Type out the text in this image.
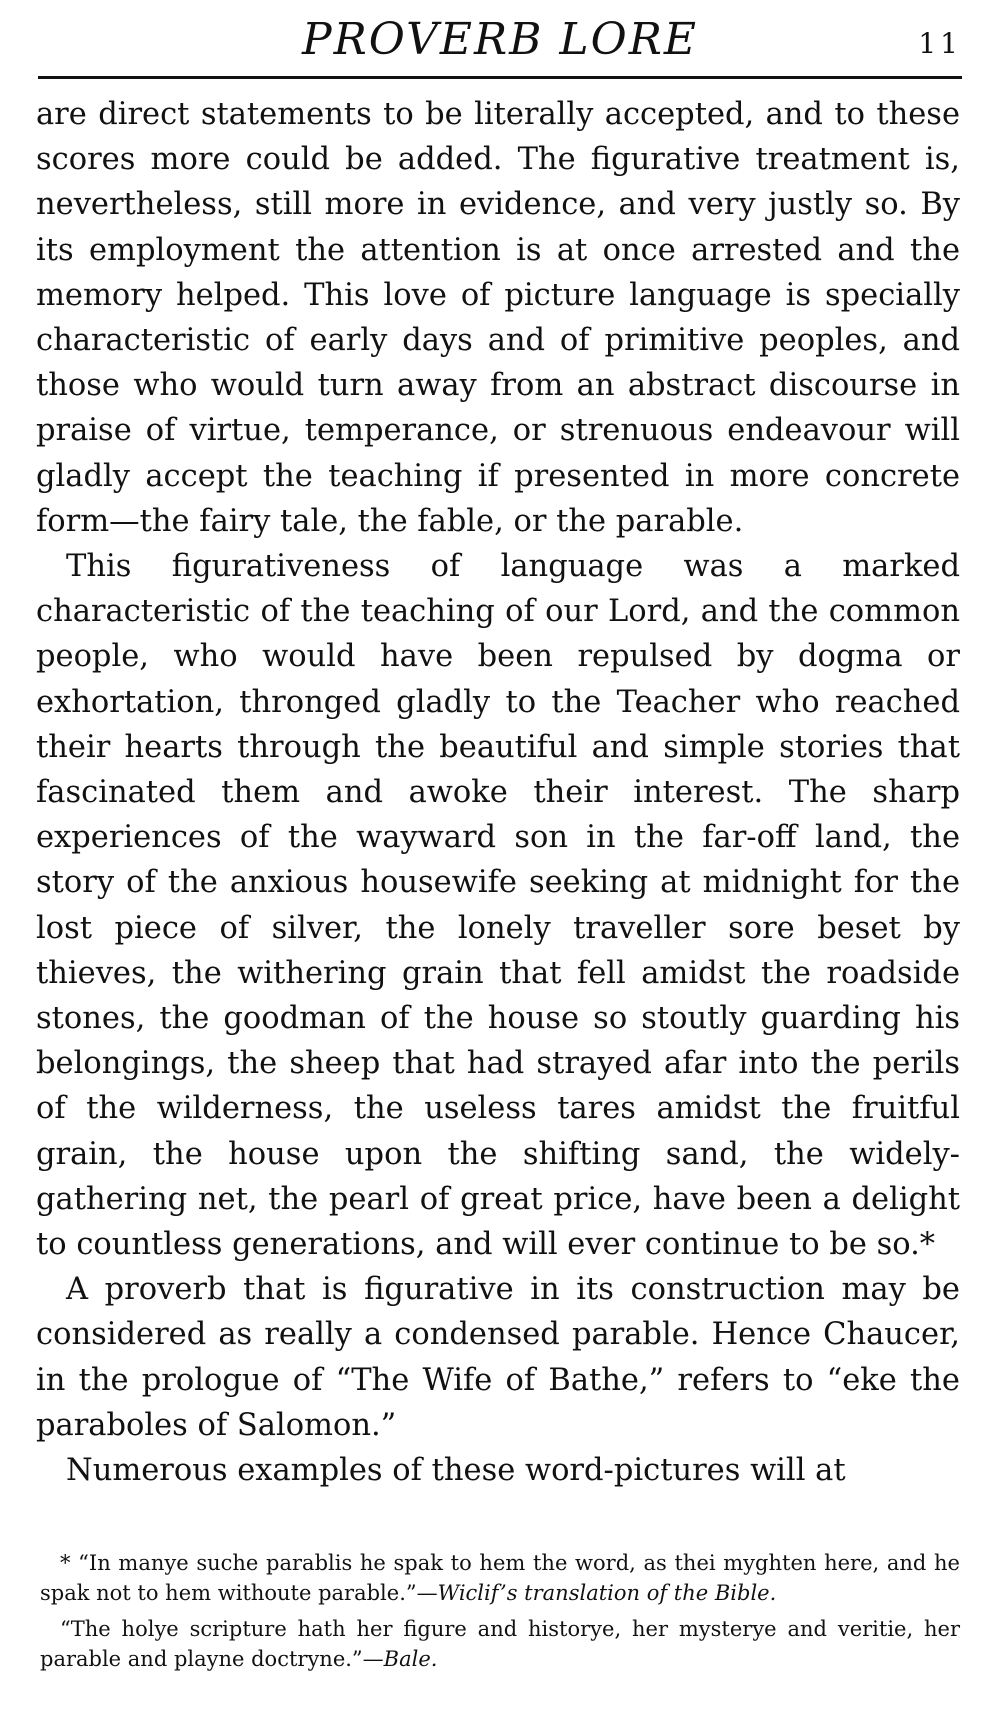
PROVERB LORE	11

are direct statements to be literally accepted, and to these scores more could be added. The figurative treatment is, nevertheless, still more in evidence, and very justly so. By its employment the attention is at once arrested and the memory helped. This love of picture language is specially characteristic of early days and of primitive peoples, and those who would turn away from an abstract discourse in praise of virtue, temperance, or strenuous endeavour will gladly accept the teaching if presented in more concrete form—the fairy tale, the fable, or the parable.

This figurativeness of language was a marked characteristic of the teaching of our Lord, and the common people, who would have been repulsed by dogma or exhortation, thronged gladly to the Teacher who reached their hearts through the beautiful and simple stories that fascinated them and awoke their interest. The sharp experiences of the wayward son in the far-off land, the story of the anxious housewife seeking at midnight for the lost piece of silver, the lonely traveller sore beset by thieves, the withering grain that fell amidst the roadside stones, the goodman of the house so stoutly guarding his belongings, the sheep that had strayed afar into the perils of the wilderness, the useless tares amidst the fruitful grain, the house upon the shifting sand, the widely-gathering net, the pearl of great price, have been a delight to countless generations, and will ever continue to be so.*

A proverb that is figurative in its construction may be considered as really a condensed parable. Hence Chaucer, in the prologue of “The Wife of Bathe,” refers to “eke the paraboles of Salomon.”

Numerous examples of these word-pictures will at

* “In manye suche parablis he spak to hem the word, as thei myghten here, and he spak not to hem withoute parable.”—Wiclif’s translation of the Bible.

“The holye scripture hath her figure and historye, her mysterye and veritie, her parable and playne doctryne.”—Bale.
